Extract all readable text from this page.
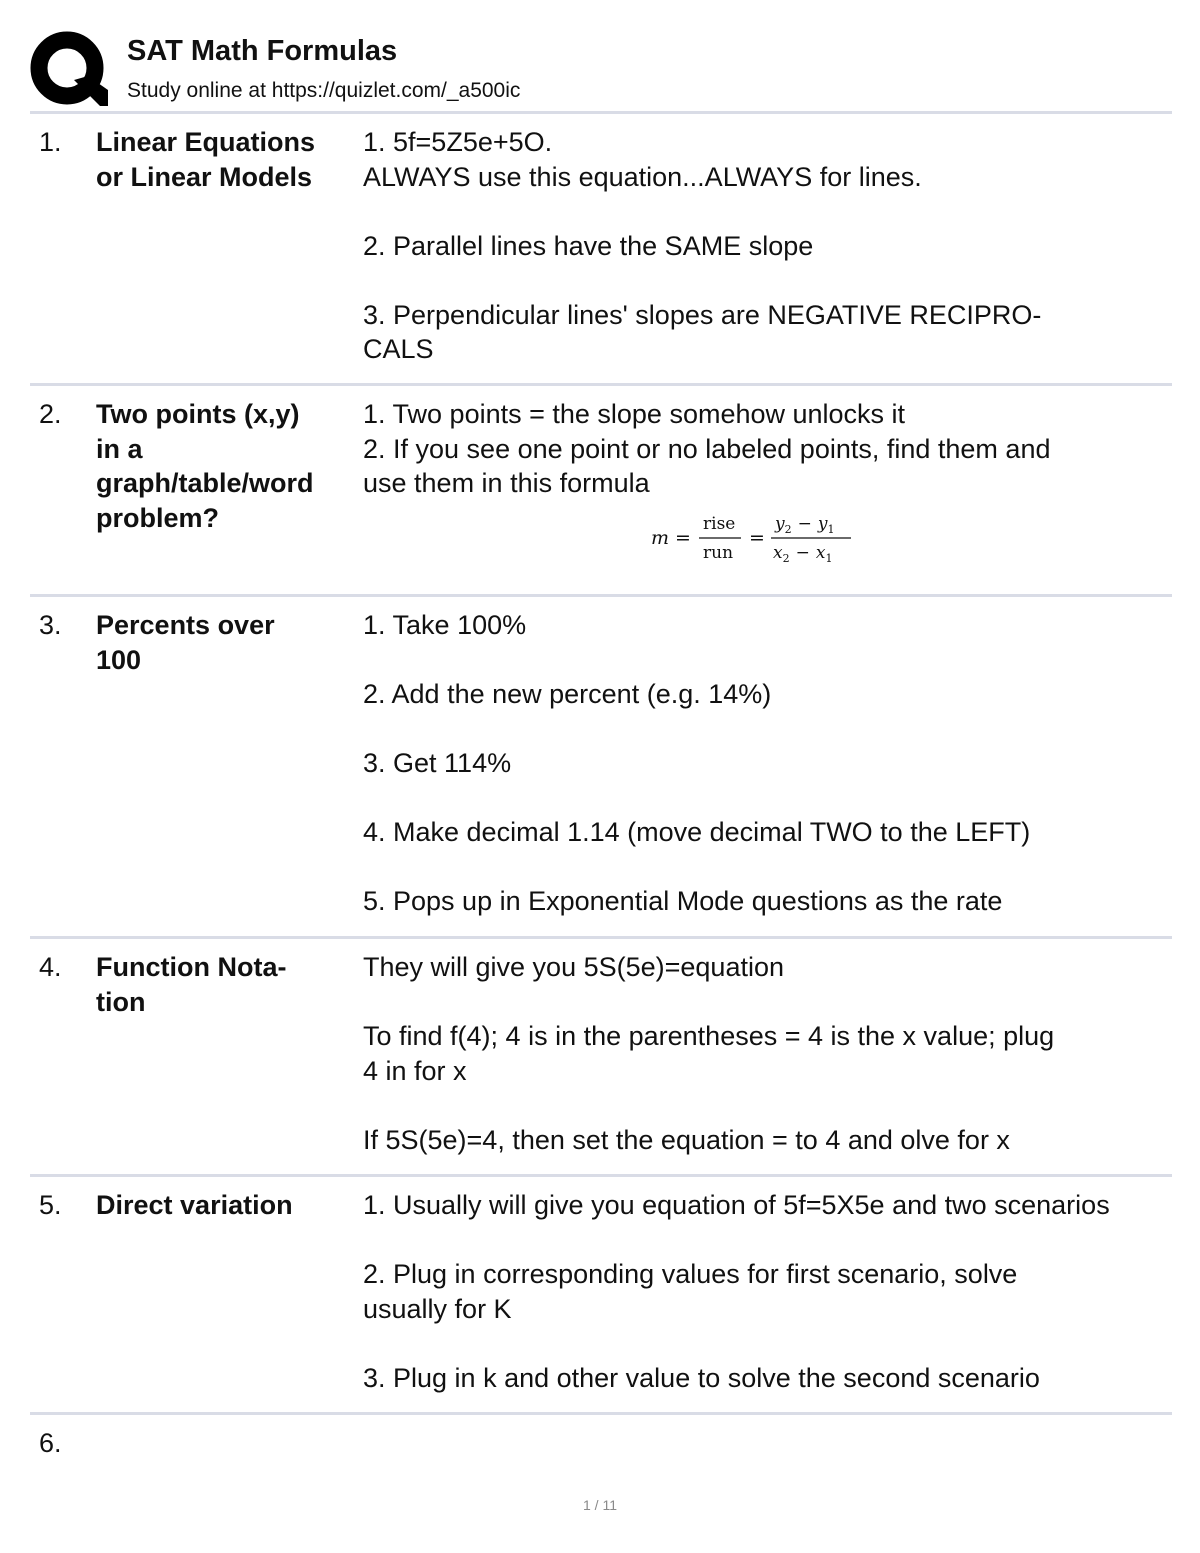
SAT Math Formulas
Study online at https://quizlet.com/_a500ic
1. Linear Equations
or Linear Models
1. 5f=5Z5e+5O.
ALWAYS use this equation...ALWAYS for lines.
2. Parallel lines have the SAME slope
3. Perpendicular lines' slopes are NEGATIVE RECIPRO-
CALS
2. Two points (x,y)
in a
graph/table/word
problem?
1. Two points = the slope somehow unlocks it
2. If you see one point or no labeled points, find them and
use them in this formula
m =
rise
run
=
$y_2 - y_1$
$x_2 - x_1$
3. Percents over
100
1. Take 100%
2. Add the new percent (e.g. 14%)
3. Get 114%
4. Make decimal 1.14 (move decimal TWO to the LEFT)
5. Pops up in Exponential Mode questions as the rate
4. Function Nota-
tion
They will give you 5S(5e)=equation
To find f(4); 4 is in the parentheses = 4 is the x value; plug
4 in for x
If 5S(5e)=4, then set the equation = to 4 and olve for x
5. Direct variation	1. Usually will give you equation of 5f=5X5e and two scenarios
2. Plug in corresponding values for first scenario, solve
usually for K
3. Plug in k and other value to solve the second scenario
6.
1 / 11
